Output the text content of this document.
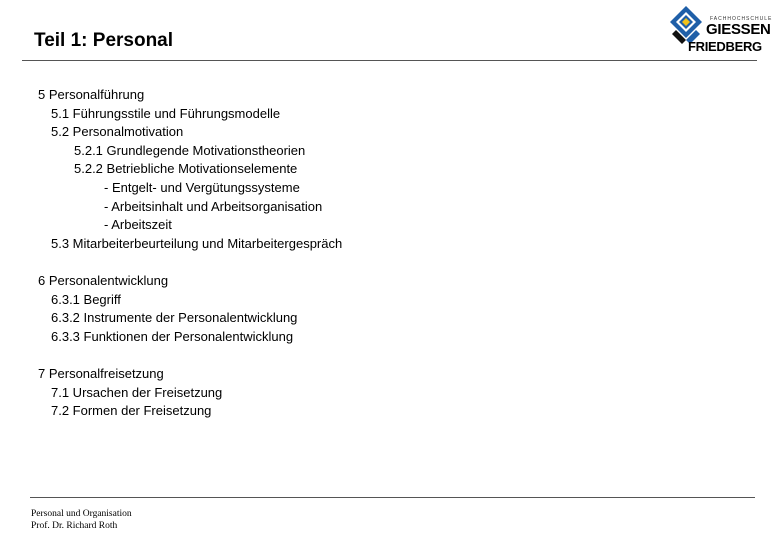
Teil 1: Personal
FACHHOCHSCHULE
GIESSEN
FRIEDBERG
5 Personalführung
5.1 Führungsstile und Führungsmodelle
5.2 Personalmotivation
5.2.1 Grundlegende Motivationstheorien
5.2.2 Betriebliche Motivationselemente
- Entgelt- und Vergütungssysteme
- Arbeitsinhalt und Arbeitsorganisation
- Arbeitszeit
5.3 Mitarbeiterbeurteilung und Mitarbeitergespräch
6 Personalentwicklung
6.3.1 Begriff
6.3.2 Instrumente der Personalentwicklung
6.3.3 Funktionen der Personalentwicklung
7 Personalfreisetzung
7.1 Ursachen der Freisetzung
7.2 Formen der Freisetzung
Personal und Organisation
Prof. Dr. Richard Roth
